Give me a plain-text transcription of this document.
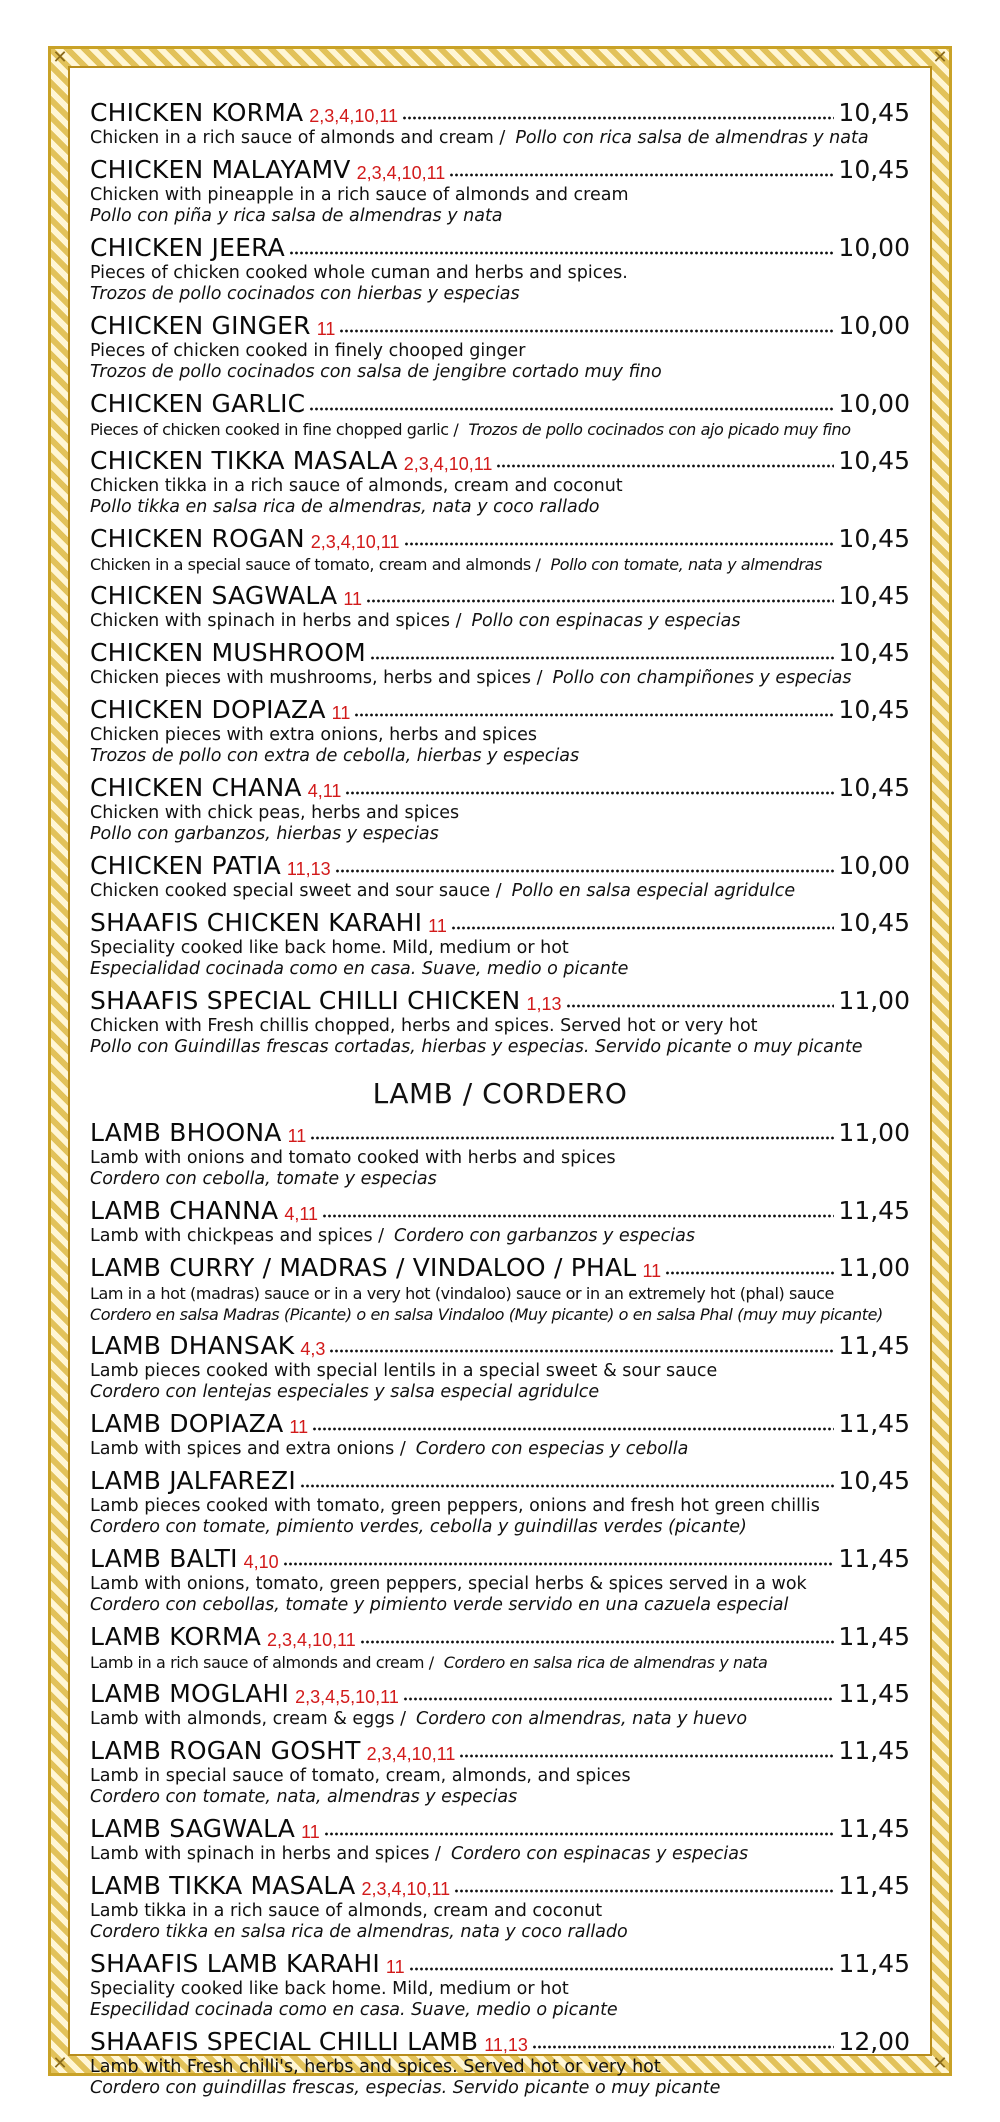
✕	✕
✕	✕
CHICKEN KORMA 2,3,4,10,11	10,45
Chicken in a rich sauce of almonds and cream / Pollo con rica salsa de almendras y nata
CHICKEN MALAYAMV 2,3,4,10,11	10,45
Chicken with pineapple in a rich sauce of almonds and cream
Pollo con piña y rica salsa de almendras y nata
CHICKEN JEERA	10,00
Pieces of chicken cooked whole cuman and herbs and spices.
Trozos de pollo cocinados con hierbas y especias
CHICKEN GINGER 11	10,00
Pieces of chicken cooked in finely chooped ginger
Trozos de pollo cocinados con salsa de jengibre cortado muy fino
CHICKEN GARLIC	10,00
Pieces of chicken cooked in fine chopped garlic / Trozos de pollo cocinados con ajo picado muy fino
CHICKEN TIKKA MASALA 2,3,4,10,11	10,45
Chicken tikka in a rich sauce of almonds, cream and coconut
Pollo tikka en salsa rica de almendras, nata y coco rallado
CHICKEN ROGAN 2,3,4,10,11	10,45
Chicken in a special sauce of tomato, cream and almonds / Pollo con tomate, nata y almendras
CHICKEN SAGWALA 11	10,45
Chicken with spinach in herbs and spices / Pollo con espinacas y especias
CHICKEN MUSHROOM	10,45
Chicken pieces with mushrooms, herbs and spices / Pollo con champiñones y especias
CHICKEN DOPIAZA 11	10,45
Chicken pieces with extra onions, herbs and spices
Trozos de pollo con extra de cebolla, hierbas y especias
CHICKEN CHANA 4,11	10,45
Chicken with chick peas, herbs and spices
Pollo con garbanzos, hierbas y especias
CHICKEN PATIA 11,13	10,00
Chicken cooked special sweet and sour sauce / Pollo en salsa especial agridulce
SHAAFIS CHICKEN KARAHI 11	10,45
Speciality cooked like back home. Mild, medium or hot
Especialidad cocinada como en casa. Suave, medio o picante
SHAAFIS SPECIAL CHILLI CHICKEN 1,13	11,00
Chicken with Fresh chillis chopped, herbs and spices. Served hot or very hot
Pollo con Guindillas frescas cortadas, hierbas y especias. Servido picante o muy picante
LAMB / CORDERO
LAMB BHOONA 11	11,00
Lamb with onions and tomato cooked with herbs and spices
Cordero con cebolla, tomate y especias
LAMB CHANNA 4,11	11,45
Lamb with chickpeas and spices / Cordero con garbanzos y especias
LAMB CURRY / MADRAS / VINDALOO / PHAL 11	11,00
Lam in a hot (madras) sauce or in a very hot (vindaloo) sauce or in an extremely hot (phal) sauce
Cordero en salsa Madras (Picante) o en salsa Vindaloo (Muy picante) o en salsa Phal (muy muy picante)
LAMB DHANSAK 4,3	11,45
Lamb pieces cooked with special lentils in a special sweet & sour sauce
Cordero con lentejas especiales y salsa especial agridulce
LAMB DOPIAZA 11	11,45
Lamb with spices and extra onions / Cordero con especias y cebolla
LAMB JALFAREZI	10,45
Lamb pieces cooked with tomato, green peppers, onions and fresh hot green chillis
Cordero con tomate, pimiento verdes, cebolla y guindillas verdes (picante)
LAMB BALTI 4,10	11,45
Lamb with onions, tomato, green peppers, special herbs & spices served in a wok
Cordero con cebollas, tomate y pimiento verde servido en una cazuela especial
LAMB KORMA 2,3,4,10,11	11,45
Lamb in a rich sauce of almonds and cream / Cordero en salsa rica de almendras y nata
LAMB MOGLAHI 2,3,4,5,10,11	11,45
Lamb with almonds, cream & eggs / Cordero con almendras, nata y huevo
LAMB ROGAN GOSHT 2,3,4,10,11	11,45
Lamb in special sauce of tomato, cream, almonds, and spices
Cordero con tomate, nata, almendras y especias
LAMB SAGWALA 11	11,45
Lamb with spinach in herbs and spices / Cordero con espinacas y especias
LAMB TIKKA MASALA 2,3,4,10,11	11,45
Lamb tikka in a rich sauce of almonds, cream and coconut
Cordero tikka en salsa rica de almendras, nata y coco rallado
SHAAFIS LAMB KARAHI 11	11,45
Speciality cooked like back home. Mild, medium or hot
Especilidad cocinada como en casa. Suave, medio o picante
SHAAFIS SPECIAL CHILLI LAMB 11,13	12,00
Lamb with Fresh chilli's, herbs and spices. Served hot or very hot
Cordero con guindillas frescas, especias. Servido picante o muy picante
